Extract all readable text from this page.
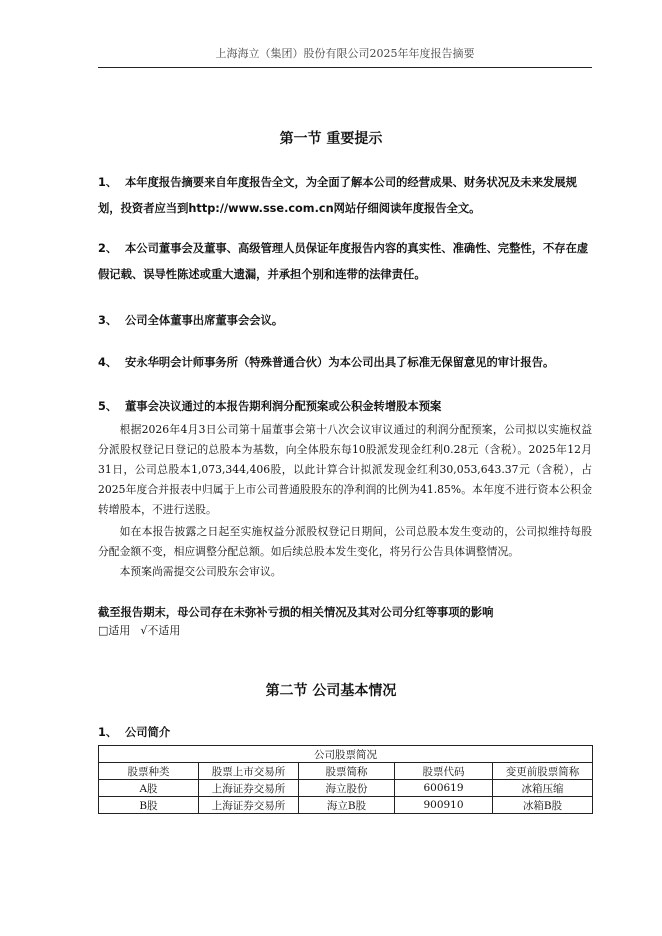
上海海立（集团）股份有限公司2025年年度报告摘要
第一节 重要提示
1、 本年度报告摘要来自年度报告全文，为全面了解本公司的经营成果、财务状况及未来发展规划，投资者应当到http://www.sse.com.cn网站仔细阅读年度报告全文。
2、 本公司董事会及董事、高级管理人员保证年度报告内容的真实性、准确性、完整性，不存在虚假记载、误导性陈述或重大遗漏，并承担个别和连带的法律责任。
3、 公司全体董事出席董事会会议。
4、 安永华明会计师事务所（特殊普通合伙）为本公司出具了标准无保留意见的审计报告。
5、 董事会决议通过的本报告期利润分配预案或公积金转增股本预案
根据2026年4月3日公司第十届董事会第十八次会议审议通过的利润分配预案，公司拟以实施权益分派股权登记日登记的总股本为基数，向全体股东每10股派发现金红利0.28元（含税）。2025年12月31日，公司总股本1,073,344,406股，以此计算合计拟派发现金红利30,053,643.37元（含税），占2025年度合并报表中归属于上市公司普通股股东的净利润的比例为41.85%。本年度不进行资本公积金转增股本，不进行送股。
如在本报告披露之日起至实施权益分派股权登记日期间，公司总股本发生变动的，公司拟维持每股分配金额不变，相应调整分配总额。如后续总股本发生变化，将另行公告具体调整情况。
本预案尚需提交公司股东会审议。
截至报告期末，母公司存在未弥补亏损的相关情况及其对公司分红等事项的影响
□适用 √不适用
第二节 公司基本情况
1、 公司简介
公司股票简况				
股票种类	股票上市交易所	股票简称	股票代码	变更前股票简称
A股	上海证券交易所	海立股份	600619	冰箱压缩
B股	上海证券交易所	海立B股	900910	冰箱B股
